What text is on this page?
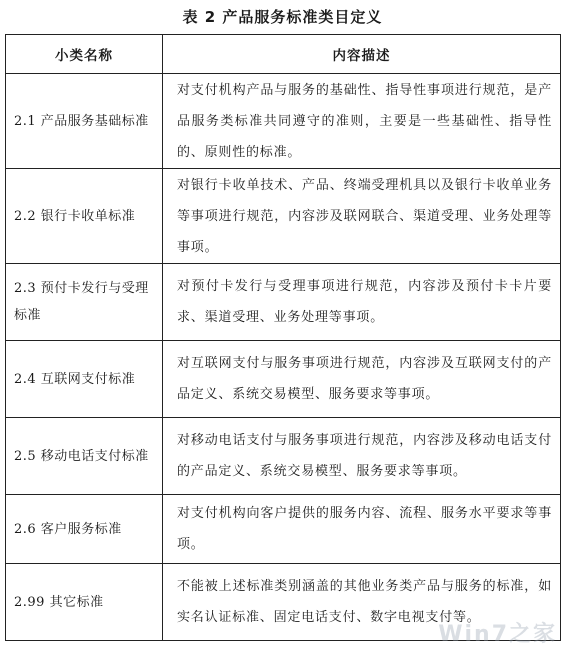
表 2 产品服务标准类目定义
小类名称	内容描述
2.1 产品服务基础标准	对支付机构产品与服务的基础性、指导性事项进行规范，是产品服务类标准共同遵守的准则，主要是一些基础性、指导性的、原则性的标准。
2.2 银行卡收单标准	对银行卡收单技术、产品、终端受理机具以及银行卡收单业务等事项进行规范，内容涉及联网联合、渠道受理、业务处理等事项。
2.3 预付卡发行与受理标准	对预付卡发行与受理事项进行规范，内容涉及预付卡卡片要求、渠道受理、业务处理等事项。
2.4 互联网支付标准	对互联网支付与服务事项进行规范，内容涉及互联网支付的产品定义、系统交易模型、服务要求等事项。
2.5 移动电话支付标准	对移动电话支付与服务事项进行规范，内容涉及移动电话支付的产品定义、系统交易模型、服务要求等事项。
2.6 客户服务标准	对支付机构向客户提供的服务内容、流程、服务水平要求等事项。
2.99 其它标准	不能被上述标准类别涵盖的其他业务类产品与服务的标准，如实名认证标准、固定电话支付、数字电视支付等。
Win7之家
